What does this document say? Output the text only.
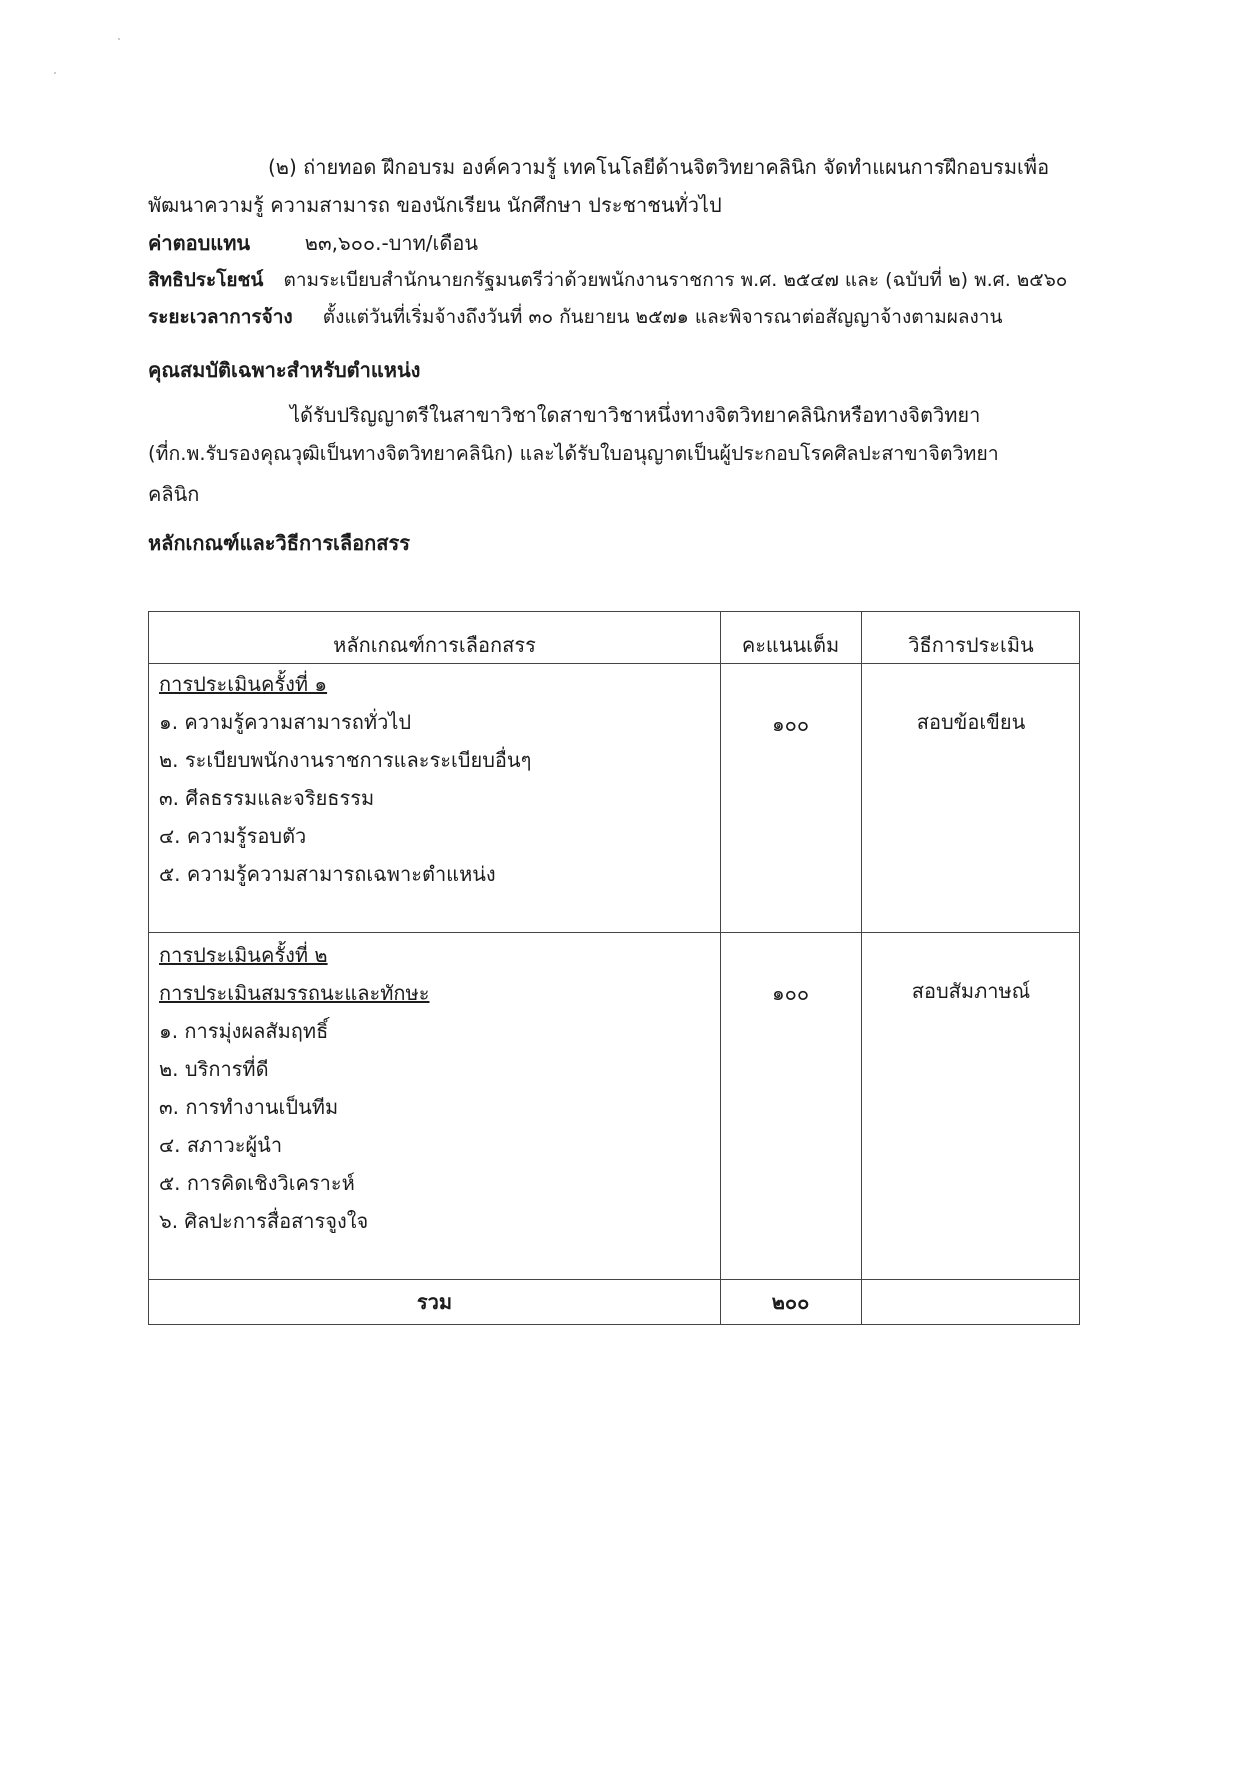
(๒) ถ่ายทอด ฝึกอบรม องค์ความรู้ เทคโนโลยีด้านจิตวิทยาคลินิก จัดทำแผนการฝึกอบรมเพื่อ
พัฒนาความรู้ ความสามารถ ของนักเรียน นักศึกษา ประชาชนทั่วไป
ค่าตอบแทน	๒๓,๖๐๐.-บาท/เดือน
สิทธิประโยชน์ ตามระเบียบสำนักนายกรัฐมนตรีว่าด้วยพนักงานราชการ พ.ศ. ๒๕๔๗ และ (ฉบับที่ ๒) พ.ศ. ๒๕๖๐
ระยะเวลาการจ้าง ตั้งแต่วันที่เริ่มจ้างถึงวันที่ ๓๐ กันยายน ๒๕๗๑ และพิจารณาต่อสัญญาจ้างตามผลงาน
คุณสมบัติเฉพาะสำหรับตำแหน่ง
ได้รับปริญญาตรีในสาขาวิชาใดสาขาวิชาหนึ่งทางจิตวิทยาคลินิกหรือทางจิตวิทยา
(ที่ก.พ.รับรองคุณวุฒิเป็นทางจิตวิทยาคลินิก) และได้รับใบอนุญาตเป็นผู้ประกอบโรคศิลปะสาขาจิตวิทยา
คลินิก
หลักเกณฑ์และวิธีการเลือกสรร
หลักเกณฑ์การเลือกสรร	คะแนนเต็ม	วิธีการประเมิน
การประเมินครั้งที่ ๑
๑. ความรู้ความสามารถทั่วไป
๒. ระเบียบพนักงานราชการและระเบียบอื่นๆ
๓. ศีลธรรมและจริยธรรม
๔. ความรู้รอบตัว
๕. ความรู้ความสามารถเฉพาะตำแหน่ง
๑๐๐	สอบข้อเขียน
การประเมินครั้งที่ ๒
การประเมินสมรรถนะและทักษะ
๑. การมุ่งผลสัมฤทธิ์
๒. บริการที่ดี
๓. การทำงานเป็นทีม
๔. สภาวะผู้นำ
๕. การคิดเชิงวิเคราะห์
๖. ศิลปะการสื่อสารจูงใจ
๑๐๐	สอบสัมภาษณ์
รวม	๒๐๐
